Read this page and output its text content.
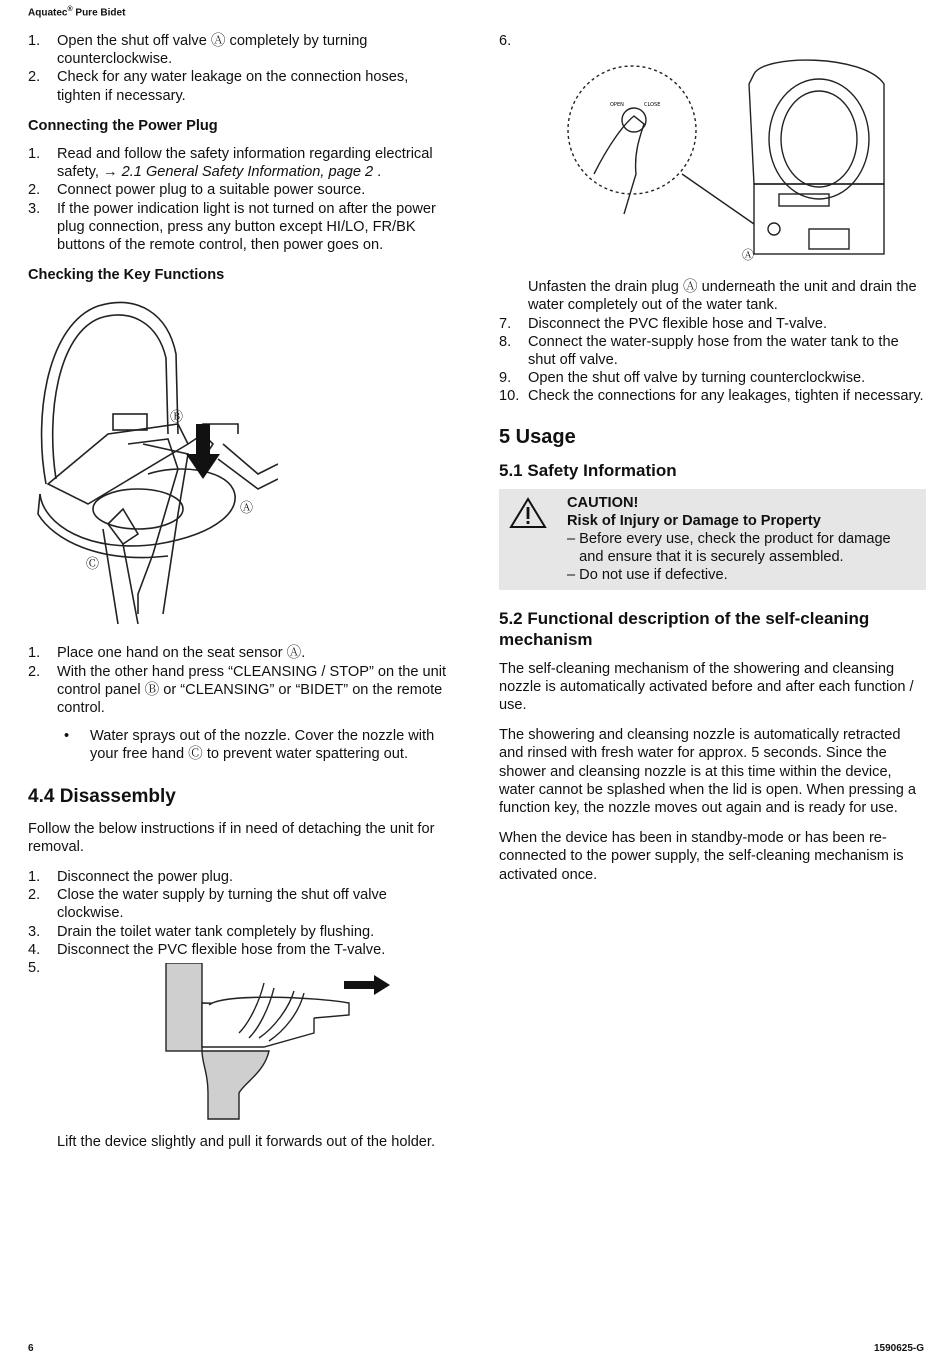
Aquatec® Pure Bidet
1. Open the shut off valve Ⓐ completely by turning counterclockwise.
2. Check for any water leakage on the connection hoses, tighten if necessary.
Connecting the Power Plug
1. Read and follow the safety information regarding electrical safety, → 2.1 General Safety Information, page 2 .
2. Connect power plug to a suitable power source.
3. If the power indication light is not turned on after the power plug connection, press any button except HI/LO, FR/BK buttons of the remote control, then power goes on.
Checking the Key Functions
Ⓑ
Ⓐ
Ⓒ
1. Place one hand on the seat sensor Ⓐ.
2. With the other hand press “CLEANSING / STOP” on the unit control panel Ⓑ or “CLEANSING” or “BIDET” on the remote control.
• Water sprays out of the nozzle. Cover the nozzle with your free hand Ⓒ to prevent water spattering out.
4.4 Disassembly

Follow the below instructions if in need of detaching the unit for removal.

1. Disconnect the power plug.
2. Close the water supply by turning the shut off valve clockwise.
3. Drain the toilet water tank completely by flushing.
4. Disconnect the PVC flexible hose from the T-valve.
5.
Lift the device slightly and pull it forwards out of the holder.
6.
OPEN	CLOSE
Ⓐ
Unfasten the drain plug Ⓐ underneath the unit and drain the water completely out of the water tank.
7. Disconnect the PVC flexible hose and T-valve.
8. Connect the water-supply hose from the water tank to the shut off valve.
9. Open the shut off valve by turning counterclockwise.
10. Check the connections for any leakages, tighten if necessary.
5 Usage
5.1 Safety Information
CAUTION!
Risk of Injury or Damage to Property
– Before every use, check the product for damage
and ensure that it is securely assembled.
– Do not use if defective.
5.2 Functional description of the self-cleaning mechanism

The self-cleaning mechanism of the showering and cleansing nozzle is automatically activated before and after each function / use.

The showering and cleansing nozzle is automatically retracted and rinsed with fresh water for approx. 5 seconds. Since the shower and cleansing nozzle is at this time within the device, water cannot be splashed when the lid is open. When pressing a function key, the nozzle moves out again and is ready for use.

When the device has been in standby-mode or has been re-connected to the power supply, the self-cleaning mechanism is activated once.

6	1590625-G
